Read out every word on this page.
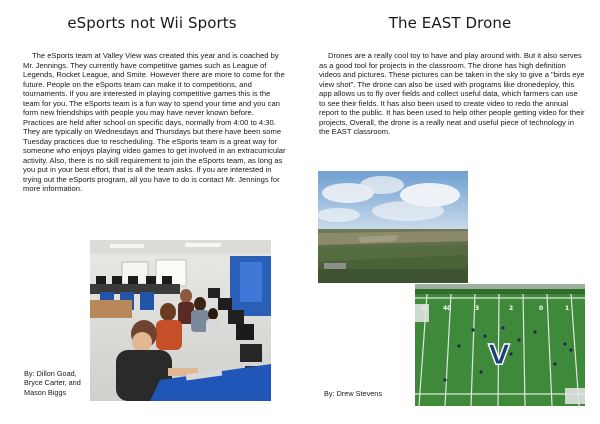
eSports not Wii Sports	The EAST Drone

The eSports team at Valley View was created this year and is coached by Mr. Jennings. They currently have competitive games such as League of Legends, Rocket League, and Smite. However there are more to come for the future. People on the eSports team can make it to competitions, and tournaments. If you are interested in playing competitive games this is the team for you. The eSports team is a fun way to spend your time and you can form new friendships with people you may have never known before. Practices are held after school on specific days, normally from 4:00 to 4:30. They are typically on Wednesdays and Thursdays but there have been some Tuesday practices due to rescheduling. The eSports team is a great way for someone who enjoys playing video games to get involved in an extracurricular activity. Also, there is no skill requirement to join the eSports team, as long as you put in your best effort, that is all the team asks. If you are interested in trying out the eSports program, all you have to do is contact Mr. Jennings for more information.

Drones are a really cool toy to have and play around with. But it also serves as a good tool for projects in the classroom. The drone has high definition videos and pictures. These pictures can be taken in the sky to give a "birds eye view shot". The drone can also be used with programs like dronedeploy, this app allows us to fly over fields and collect useful data, which farmers can use to see their fields. It has also been used to create video to redo the annual report to the public. It has been used to help other people getting video for their projects. Overall, the drone is a really neat and useful piece of technology in the EAST classroom.

40	3	2	0	1
V
By: Dillon Goad,
Bryce Carter, and
Mason Biggs	By: Drew Stevens
